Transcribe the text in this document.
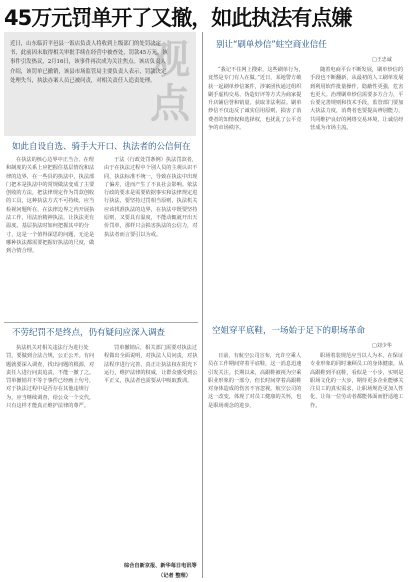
45万元罚单开了又撤，如此执法有点嫌
观点
近日，山东临沂平邑县一饭店负责人将收到上级部门的处罚决定书，此前因未取得相关审批手续在经营中被查处，罚款45万元。该事件引发热议，2月16日，该事件再次成为关注焦点。该店负责人介绍，该罚单已撤销，该县市场监管局主要负责人表示，罚款决定处理失当，执法办案人员已被问责，对相关责任人追责处理。
如此自设自选、骑手大开口、执法者的公信何在

在执法的核心边界中正当合，在理和制度的关系上应把握住基层情况和法律的边界，在一些县的执法中，执法部门把本是执法中的常规做法变成了主要创收的方法，把法律规定作为罚款创收的工具，这种执法方式不可持续，应当检视问题所在，在法律边界之内开展执法工作，用法治精神执法，让执法更有温度。基层执法时如何把握其中的分寸，这是一个值得深思的问题，无论是哪种执法都需要把握好执法的尺度，做到合情合理。

于法（行政处罚条例）执法罚款者，由于在执法过程中个别人员的主观认识不同，执法标准不统一，导致在执法中出现了偏差，进而产生了不良社会影响。依法行政的要求是需要依据事实和法律规定进行执法，要坚持过罚相当原则，执法机关应该找准执法的边界，在执法中既要坚持原则，又要具有温度，不能动辄就开出天价罚单，那样只会损害执法的公信力，对执法者而言要引以为戒。

不劳纪罚不是终点，仍有疑问应深入调查

执法机关对相关违法行为进行处罚，要做到合法合规，公正公开。有问题就要深入调查，找出问题的根源，对责任人进行问责追责，不能一撤了之。罚单撤销并不等于事件已经画上句号，对于执法过程中是否存在其他违规行为，应当继续调查，给公众一个交代，只有这样才能真正维护法律的尊严。

罚单撤销后，相关部门需要对执法过程做出全面说明，对执法人员问责，对执法程序进行完善，真正让执法权在阳光下运行，维护法律的权威，让群众感受到公平正义，执法者也需要从中吸取教训。

综合自新京报、新华每日电讯等
（记者 整理）
别让“刷单炒信”蛀空商业信任
□王忠诚

“我记不住网上搜索，这些刷单行为，竟然是专门有人在做。”近日，某地警方破获一起刷单炒信案件，涉案团伙通过组织刷手虚构交易、伪造好评等方式为商家提升店铺信誉和销量，获取非法利益。刷单炒信不仅违反了诚实信用原则，损害了消费者的知情权和选择权，也扰乱了公平竞争的市场秩序。

随着电商平台不断发展，刷单炒信的手段也不断翻新，从最初的人工刷单发展到利用软件批量操作，隐蔽性更强，危害也更大。治理刷单炒信需要多方合力，平台要完善规则和技术手段，监管部门要加大执法力度，消费者也要提高辨别能力，共同维护良好的网络交易环境，让诚信经营成为市场主流。

空姐穿平底鞋，一场始于足下的职场革命
□刘少华

日前，有航空公司宣布，允许空乘人员在工作期间穿着平底鞋，这一消息迅速引发关注。长期以来，高跟鞋被视为空乘职业形象的一部分，但长时间穿着高跟鞋对身体造成的伤害不容忽视。航空公司的这一改变，体现了对员工健康的关怀，也是职场观念的进步。

职场着装规范应当以人为本，在保证专业形象的同时兼顾员工的身体健康。从高跟鞋到平底鞋，看似是一小步，实则是职场文化的一大步，期待更多企业能够关注员工的真实需求，让职场规范更加人性化，让每一位劳动者都能体面而舒适地工作。
